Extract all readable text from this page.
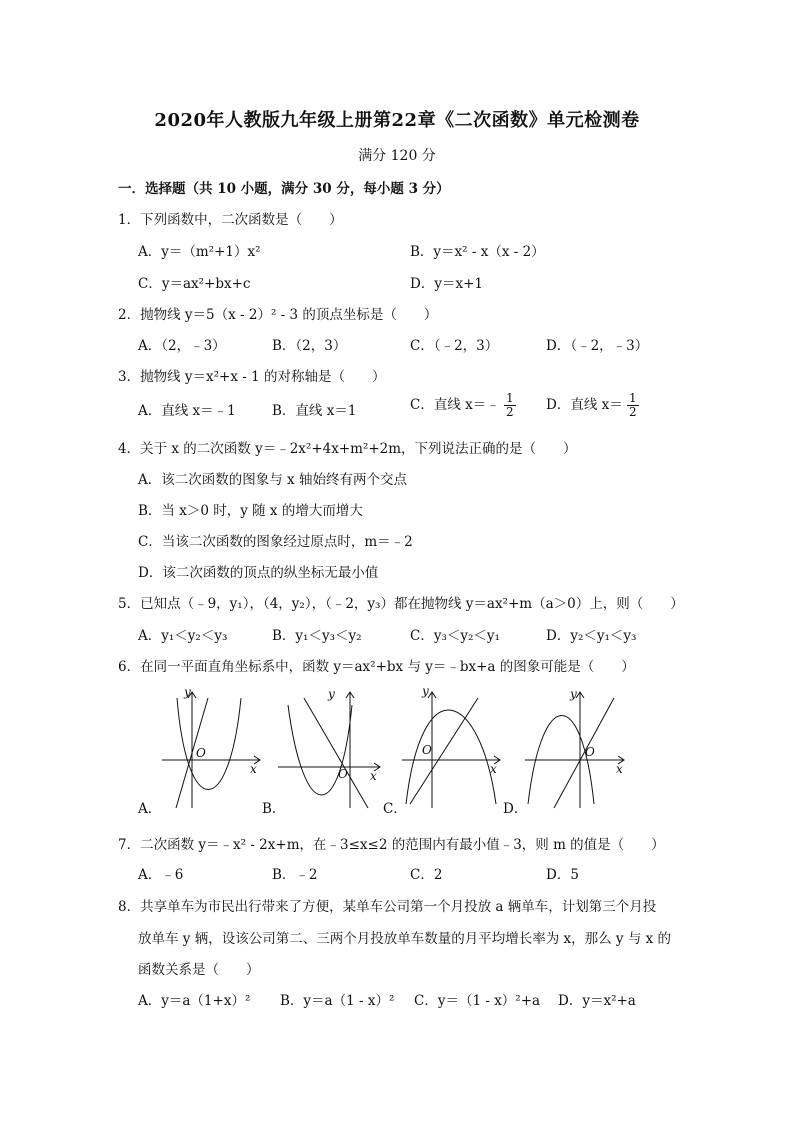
2020年人教版九年级上册第22章《二次函数》单元检测卷
满分 120 分
一．选择题（共 10 小题，满分 30 分，每小题 3 分）
1．下列函数中，二次函数是（　　）
A．y＝（m²+1）x²	B．y＝x² - x（x - 2）
C．y＝ax²+bx+c	D．y＝x+1
2．抛物线 y＝5（x - 2）² - 3 的顶点坐标是（　　）
A．（2，﹣3）	B．（2，3）	C．（﹣2，3）	D．（﹣2，﹣3）
3．抛物线 y＝x²+x - 1 的对称轴是（　　）
A．直线 x＝﹣1	B．直线 x＝1	C．直线 x＝﹣ $\frac{1}{2}$ D．直线 $x= \frac{1}{2}$
4．关于 x 的二次函数 y＝﹣2x²+4x+m²+2m，下列说法正确的是（　　）
A．该二次函数的图象与 x 轴始终有两个交点
B．当 x＞0 时，y 随 x 的增大而增大
C．当该二次函数的图象经过原点时，m＝﹣2
D．该二次函数的顶点的纵坐标无最小值
5．已知点（﹣9，y₁），（4，y₂），（﹣2，y₃）都在抛物线 y＝ax²+m（a＞0）上，则（　　）
A．y₁＜y₂＜y₃	B．y₁＜y₃＜y₂	C．y₃＜y₂＜y₁	D．y₂＜y₁＜y₃
6．在同一平面直角坐标系中，函数 y＝ax²+bx 与 y＝﹣bx+a 的图象可能是（　　）
y
x
O
y
x
O
y
x
O
y
x
O
A．	B．	C．	D．
7．二次函数 y＝﹣x² - 2x+m，在﹣3≤x≤2 的范围内有最小值﹣3，则 m 的值是（　　）
A．﹣6	B．﹣2	C．2	D．5
8．共享单车为市民出行带来了方便，某单车公司第一个月投放 a 辆单车，计划第三个月投
放单车 y 辆，设该公司第二、三两个月投放单车数量的月平均增长率为 x，那么 y 与 x 的
函数关系是（　　）
A．y＝a（1+x）² B．y＝a（1 - x）² C．y＝（1 - x）²+a D．y＝x²+a
